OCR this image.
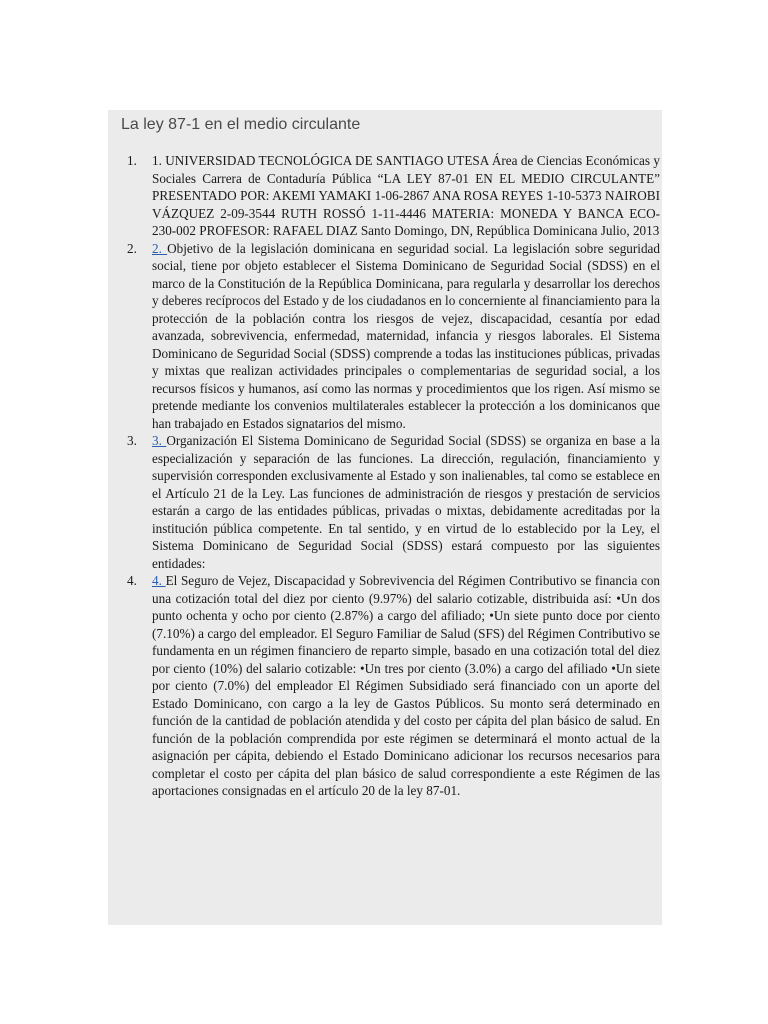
La ley 87-1 en el medio circulante
1.	1. UNIVERSIDAD TECNOLÓGICA DE SANTIAGO UTESA Área de Ciencias Económicas y Sociales Carrera de Contaduría Pública “LA LEY 87-01 EN EL MEDIO CIRCULANTE” PRESENTADO POR: AKEMI YAMAKI 1-06-2867 ANA ROSA REYES 1-10-5373 NAIROBI VÁZQUEZ 2-09-3544 RUTH ROSSÓ 1-11-4446 MATERIA: MONEDA Y BANCA ECO-230-002 PROFESOR: RAFAEL DIAZ Santo Domingo, DN, República Dominicana Julio, 2013
2.	2. Objetivo de la legislación dominicana en seguridad social. La legislación sobre seguridad social, tiene por objeto establecer el Sistema Dominicano de Seguridad Social (SDSS) en el marco de la Constitución de la República Dominicana, para regularla y desarrollar los derechos y deberes recíprocos del Estado y de los ciudadanos en lo concerniente al financiamiento para la protección de la población contra los riesgos de vejez, discapacidad, cesantía por edad avanzada, sobrevivencia, enfermedad, maternidad, infancia y riesgos laborales. El Sistema Dominicano de Seguridad Social (SDSS) comprende a todas las instituciones públicas, privadas y mixtas que realizan actividades principales o complementarias de seguridad social, a los recursos físicos y humanos, así como las normas y procedimientos que los rigen. Así mismo se pretende mediante los convenios multilaterales establecer la protección a los dominicanos que han trabajado en Estados signatarios del mismo.
3.	3. Organización El Sistema Dominicano de Seguridad Social (SDSS) se organiza en base a la especialización y separación de las funciones. La dirección, regulación, financiamiento y supervisión corresponden exclusivamente al Estado y son inalienables, tal como se establece en el Artículo 21 de la Ley. Las funciones de administración de riesgos y prestación de servicios estarán a cargo de las entidades públicas, privadas o mixtas, debidamente acreditadas por la institución pública competente. En tal sentido, y en virtud de lo establecido por la Ley, el Sistema Dominicano de Seguridad Social (SDSS) estará compuesto por las siguientes entidades:
4.	4. El Seguro de Vejez, Discapacidad y Sobrevivencia del Régimen Contributivo se financia con una cotización total del diez por ciento (9.97%) del salario cotizable, distribuida así: •Un dos punto ochenta y ocho por ciento (2.87%) a cargo del afiliado; •Un siete punto doce por ciento (7.10%) a cargo del empleador. El Seguro Familiar de Salud (SFS) del Régimen Contributivo se fundamenta en un régimen financiero de reparto simple, basado en una cotización total del diez por ciento (10%) del salario cotizable: •Un tres por ciento (3.0%) a cargo del afiliado •Un siete por ciento (7.0%) del empleador El Régimen Subsidiado será financiado con un aporte del Estado Dominicano, con cargo a la ley de Gastos Públicos. Su monto será determinado en función de la cantidad de población atendida y del costo per cápita del plan básico de salud. En función de la población comprendida por este régimen se determinará el monto actual de la asignación per cápita, debiendo el Estado Dominicano adicionar los recursos necesarios para completar el costo per cápita del plan básico de salud correspondiente a este Régimen de las aportaciones consignadas en el artículo 20 de la ley 87-01.
